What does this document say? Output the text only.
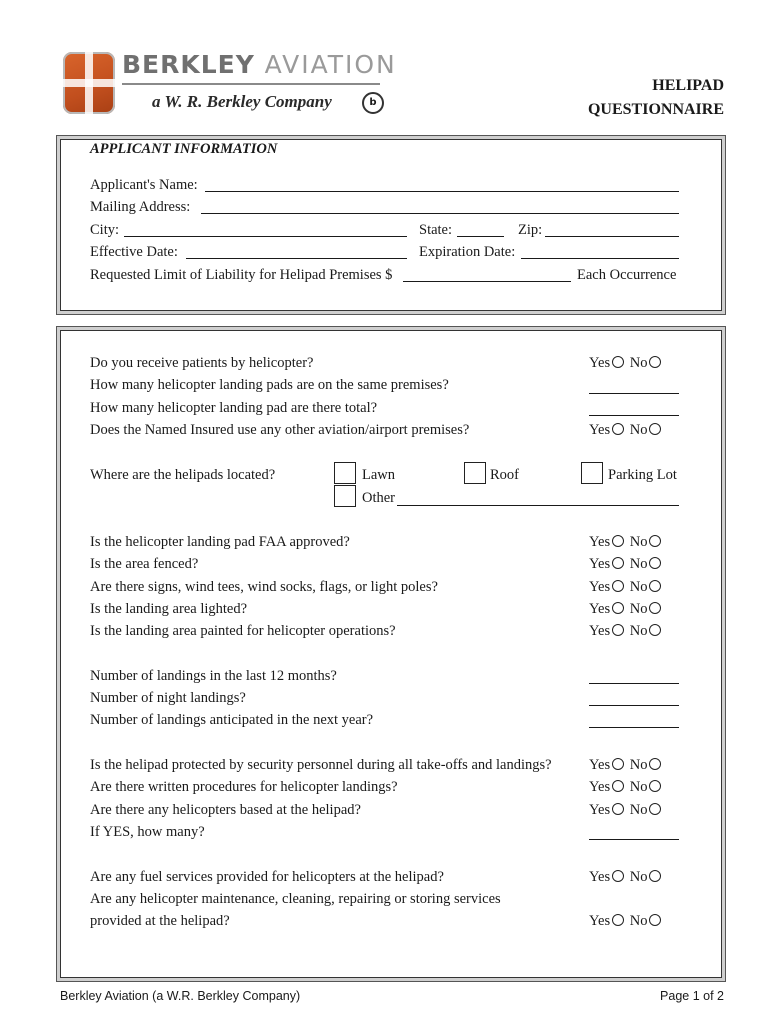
BERKLEY AVIATION
a W. R. Berkley Company	b
HELIPAD
QUESTIONNAIRE
APPLICANT INFORMATION
Applicant's Name:
Mailing Address:
City:	State:	Zip:
Effective Date:	Expiration Date:
Requested Limit of Liability for Helipad Premises $	Each Occurrence
Do you receive patients by helicopter?	Yes No
How many helicopter landing pads are on the same premises?
How many helicopter landing pad are there total?
Does the Named Insured use any other aviation/airport premises?	Yes No
Where are the helipads located?	Lawn	Roof	Parking Lot
Other
Is the helicopter landing pad FAA approved?	Yes No
Is the area fenced?	Yes No
Are there signs, wind tees, wind socks, flags, or light poles?	Yes No
Is the landing area lighted?	Yes No
Is the landing area painted for helicopter operations?	Yes No
Number of landings in the last 12 months?
Number of night landings?
Number of landings anticipated in the next year?
Is the helipad protected by security personnel during all take-offs and landings?	Yes No
Are there written procedures for helicopter landings?	Yes No
Are there any helicopters based at the helipad?	Yes No
If YES, how many?
Are any fuel services provided for helicopters at the helipad?	Yes No
Are any helicopter maintenance, cleaning, repairing or storing services
provided at the helipad?	Yes No
Berkley Aviation (a W.R. Berkley Company)	Page 1 of 2
